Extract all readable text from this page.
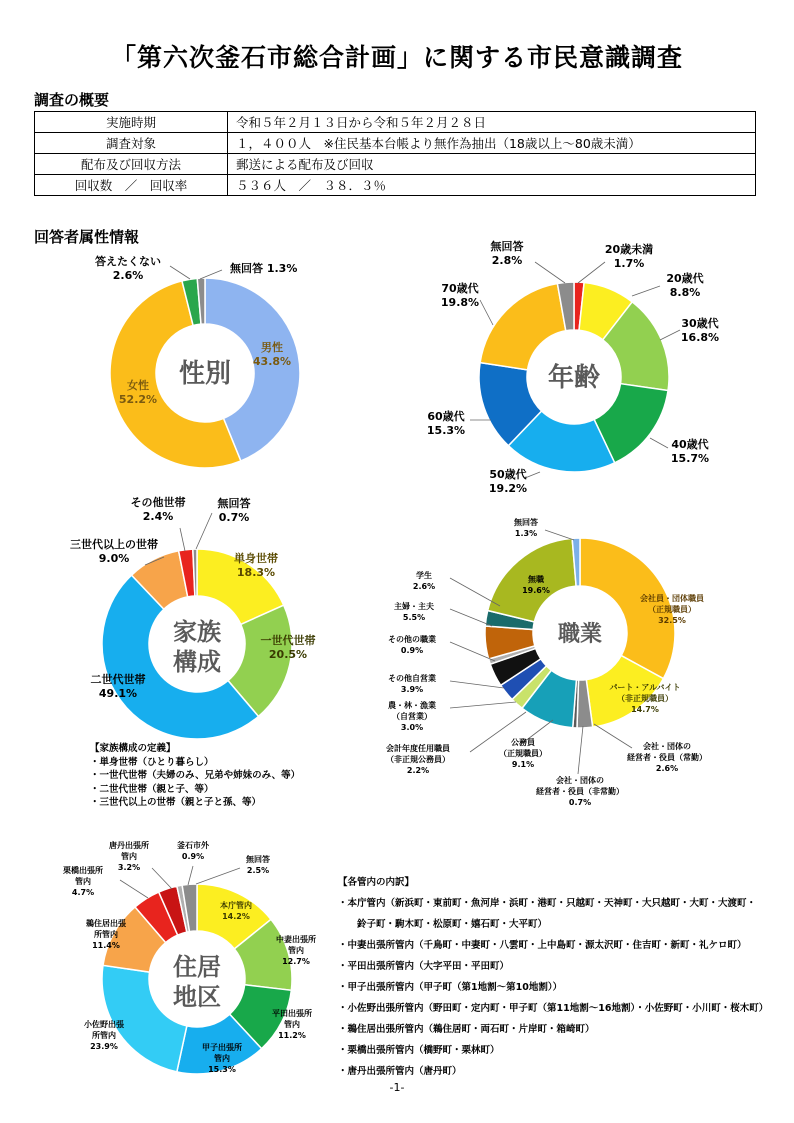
「第六次釜石市総合計画」に関する市民意識調査
調査の概要
実施時期	令和５年２月１３日から令和５年２月２８日
調査対象	１，４００人　※住民基本台帳より無作為抽出（18歳以上～80歳未満）
配布及び回収方法	郵送による配布及び回収
回収数　／　回収率	５３６人　／　３８．３％
回答者属性情報
性別
男性
43.8%
女性
52.2%
答えたくない
2.6%
無回答 1.3%
年齢
20歳未満
1.7%
20歳代
8.8%
30歳代
16.8%
40歳代
15.7%
50歳代
19.2%
60歳代
15.3%
70歳代
19.8%
無回答
2.8%
家族
構成
単身世帯
18.3%
一世代世帯
20.5%
二世代世帯
49.1%
三世代以上の世帯
9.0%
その他世帯
2.4%
無回答
0.7%
職業
会社員・団体職員
（正規職員）
32.5%
パート・アルバイト
（非正規職員）
14.7%
会社・団体の
経営者・役員（常勤）
2.6%
会社・団体の
経営者・役員（非常勤）
0.7%
公務員
（正規職員）
9.1%
会計年度任用職員
（非正規公務員）
2.2%
農・林・漁業
（自営業）
3.0%
その他自営業
3.9%
その他の職業
0.9%
主婦・主夫
5.5%
学生
2.6%
無職
19.6%
無回答
1.3%
住居
地区
本庁管内
14.2%
中妻出張所
管内
12.7%
平田出張所
管内
11.2%
甲子出張所
管内
15.3%
小佐野出張
所管内
23.9%
鵜住居出張
所管内
11.4%
栗橋出張所
管内
4.7%
唐丹出張所
管内
3.2%
釜石市外
0.9%	無回答
2.5%
【家族構成の定義】
・単身世帯（ひとり暮らし）
・一世代世帯（夫婦のみ、兄弟や姉妹のみ、等）
・二世代世帯（親と子、等）
・三世代以上の世帯（親と子と孫、等）
【各管内の内訳】
・本庁管内（新浜町・東前町・魚河岸・浜町・港町・只越町・天神町・大只越町・大町・大渡町・
　　鈴子町・駒木町・松原町・嬉石町・大平町）
・中妻出張所管内（千鳥町・中妻町・八雲町・上中島町・源太沢町・住吉町・新町・礼ケロ町）
・平田出張所管内（大字平田・平田町）
・甲子出張所管内（甲子町（第1地割～第10地割））
・小佐野出張所管内（野田町・定内町・甲子町（第11地割～16地割）・小佐野町・小川町・桜木町）
・鵜住居出張所管内（鵜住居町・両石町・片岸町・箱崎町）
・栗橋出張所管内（橋野町・栗林町）
・唐丹出張所管内（唐丹町）
-1-
